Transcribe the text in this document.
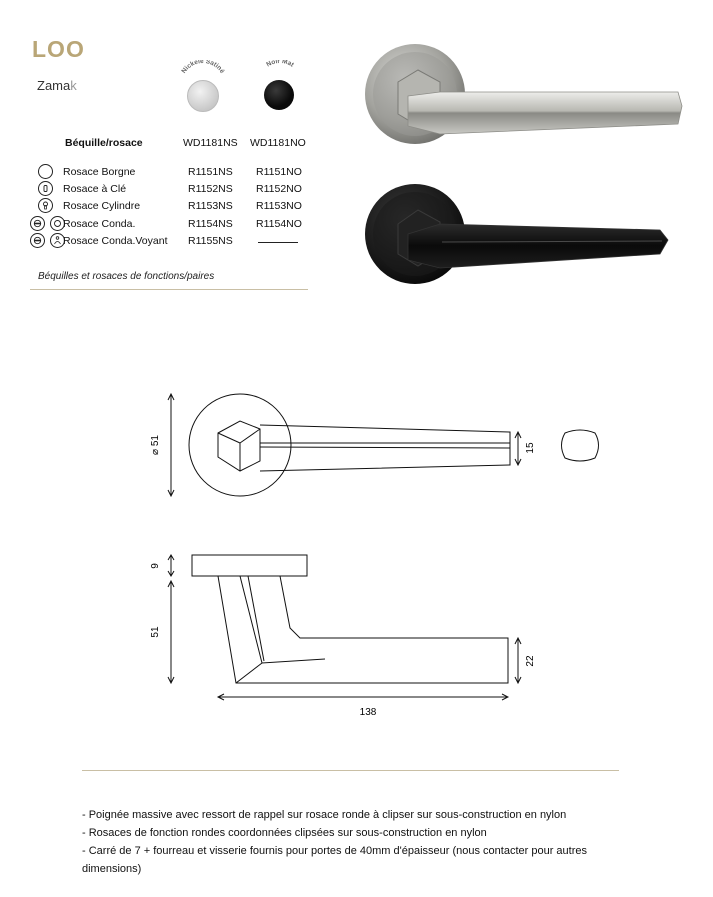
LOO
Zamak
Nickelé Satiné
Noir Mat
Béquille/rosace	WD1181NS WD1181NO

Rosace Borgne	R1151NS R1151NO
Rosace à Clé	R1152NS R1152NO
Rosace Cylindre	R1153NS R1153NO
Rosace Conda.	R1154NS R1154NO
Rosace Conda.Voyant R1155NS
Béquilles et rosaces de fonctions/paires
⌀ 51	15
9
51
22
138

- Poignée massive avec ressort de rappel sur rosace ronde à clipser sur sous-construction en nylon

- Rosaces de fonction rondes coordonnées clipsées sur sous-construction en nylon

- Carré de 7 + fourreau et visserie fournis pour portes de 40mm d'épaisseur (nous contacter pour autres dimensions)
